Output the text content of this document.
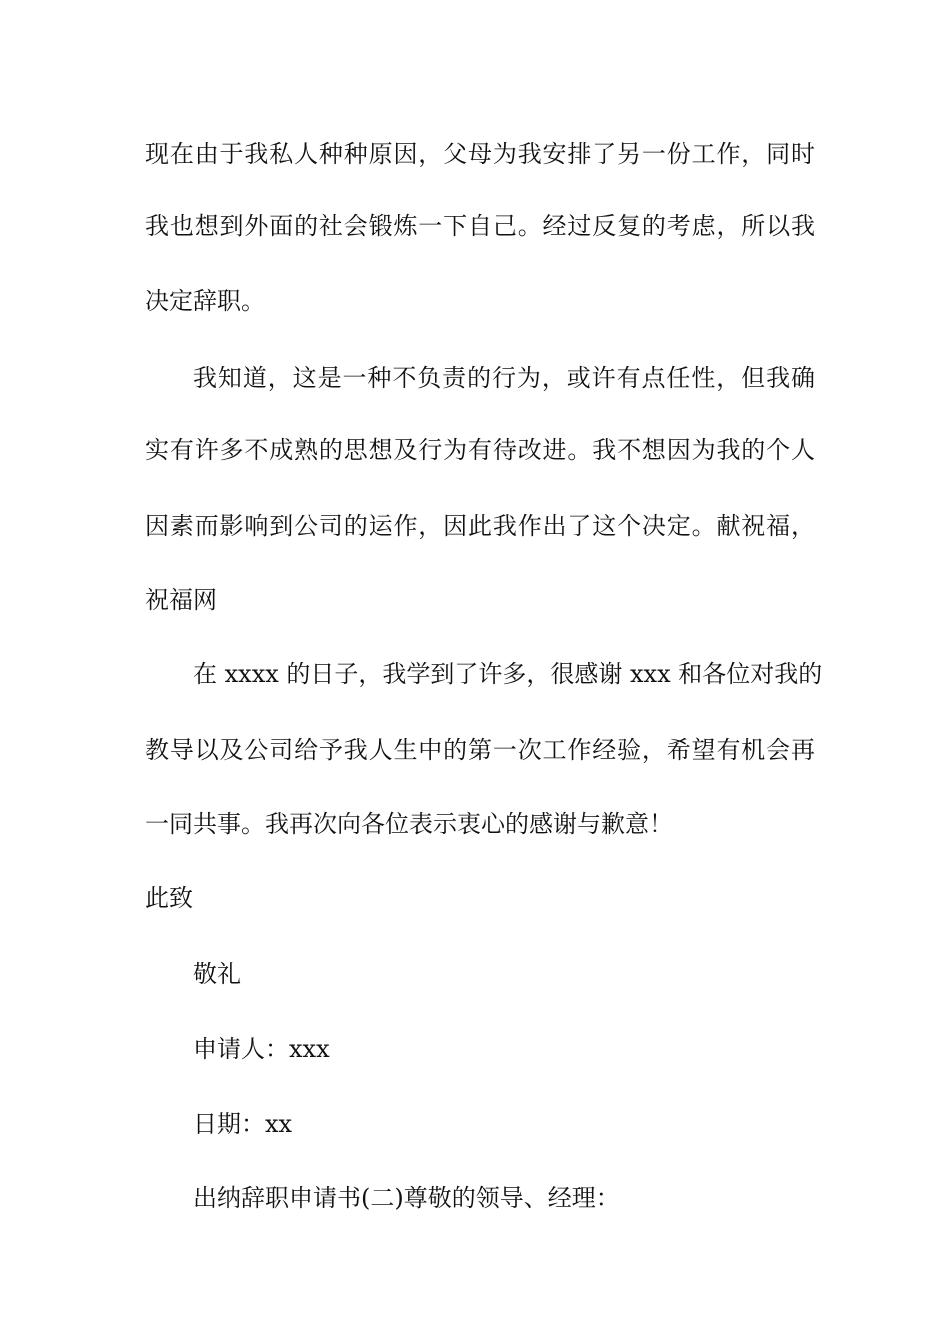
现在由于我私人种种原因，父母为我安排了另一份工作，同时
我也想到外面的社会锻炼一下自己。经过反复的考虑，所以我
决定辞职。
我知道，这是一种不负责的行为，或许有点任性，但我确
实有许多不成熟的思想及行为有待改进。我不想因为我的个人
因素而影响到公司的运作，因此我作出了这个决定。献祝福，
祝福网
在 xxxx 的日子，我学到了许多，很感谢 xxx 和各位对我的
教导以及公司给予我人生中的第一次工作经验，希望有机会再
一同共事。我再次向各位表示衷心的感谢与歉意！
此致
敬礼
申请人：xxx
日期：xx
出纳辞职申请书(二)尊敬的领导、经理：
